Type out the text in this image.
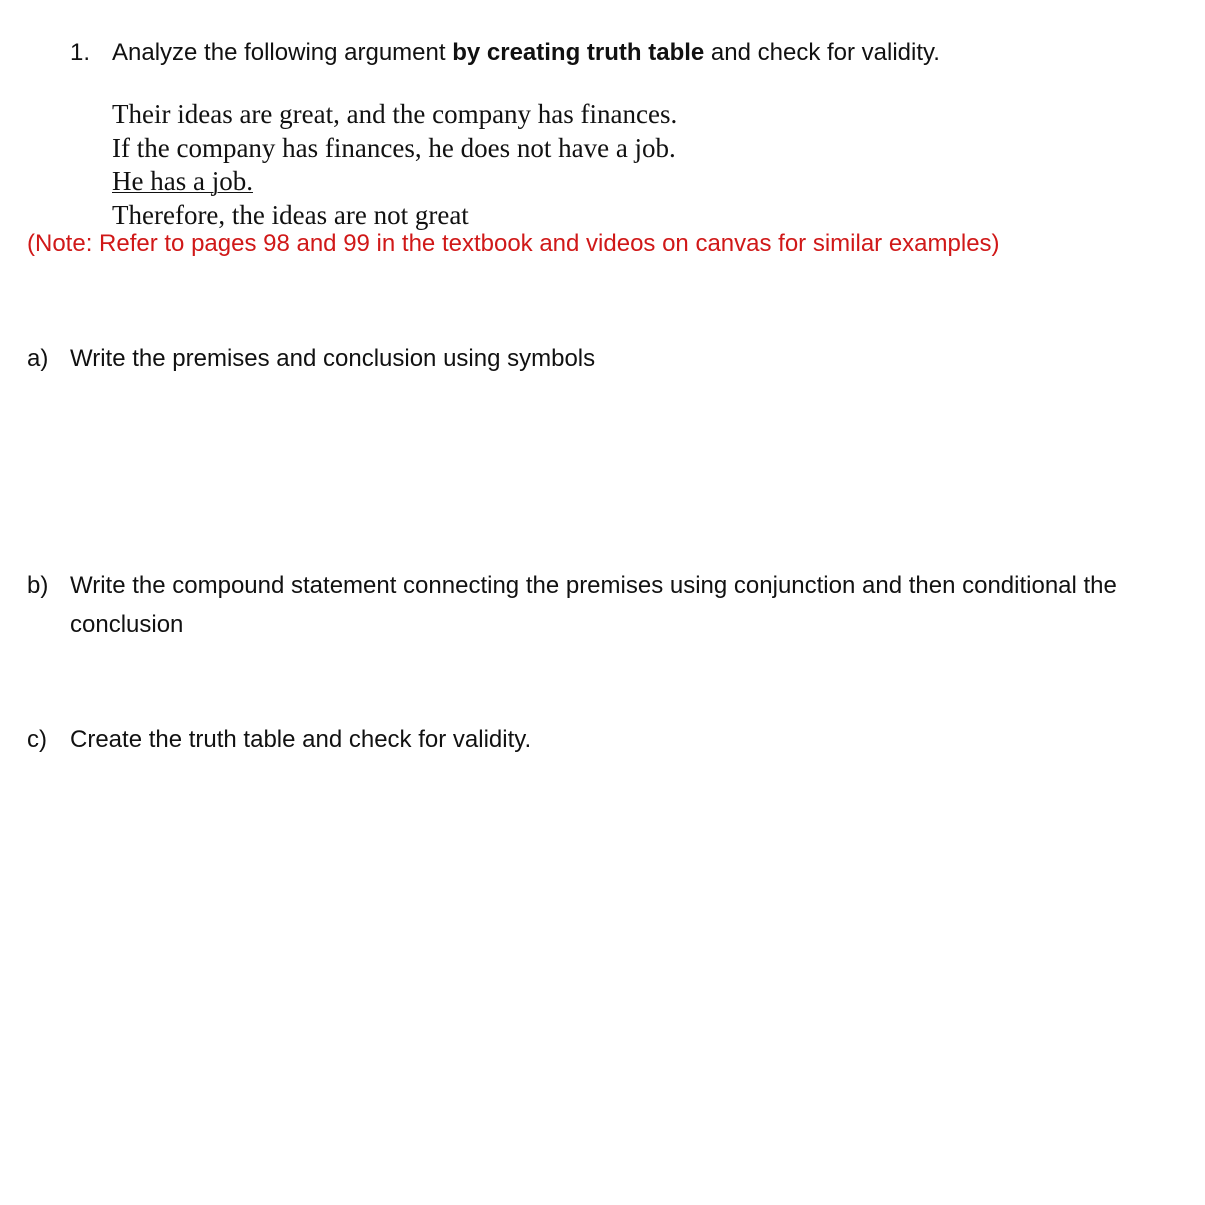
1. Analyze the following argument by creating truth table and check for validity.
Their ideas are great, and the company has finances.
If the company has finances, he does not have a job.
He has a job.
Therefore, the ideas are not great
(Note: Refer to pages 98 and 99 in the textbook and videos on canvas for similar examples)
a) Write the premises and conclusion using symbols
b) Write the compound statement connecting the premises using conjunction and then conditional the conclusion
c) Create the truth table and check for validity.
